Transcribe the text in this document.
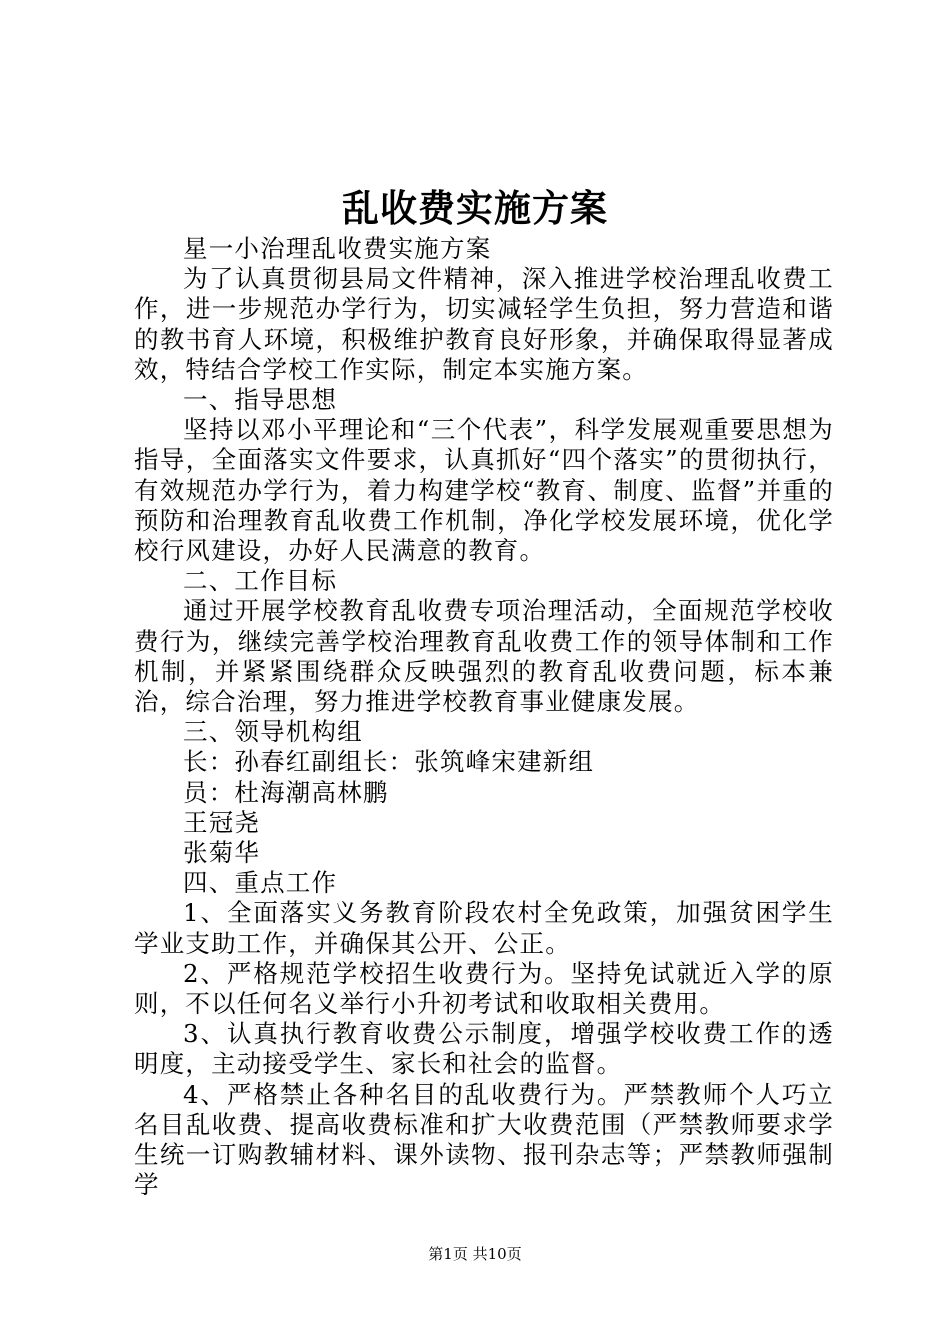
乱收费实施方案

星一小治理乱收费实施方案

为了认真贯彻县局文件精神，深入推进学校治理乱收费工作，进一步规范办学行为，切实减轻学生负担，努力营造和谐的教书育人环境，积极维护教育良好形象，并确保取得显著成效，特结合学校工作实际，制定本实施方案。

一、指导思想

坚持以邓小平理论和“三个代表”，科学发展观重要思想为指导，全面落实文件要求，认真抓好“四个落实”的贯彻执行，有效规范办学行为，着力构建学校“教育、制度、监督”并重的预防和治理教育乱收费工作机制，净化学校发展环境，优化学校行风建设，办好人民满意的教育。

二、工作目标

通过开展学校教育乱收费专项治理活动，全面规范学校收费行为，继续完善学校治理教育乱收费工作的领导体制和工作机制，并紧紧围绕群众反映强烈的教育乱收费问题，标本兼治，综合治理，努力推进学校教育事业健康发展。

三、领导机构组

长：孙春红副组长：张筑峰宋建新组

员：杜海潮高林鹏

王冠尧

张菊华

四、重点工作

1、全面落实义务教育阶段农村全免政策，加强贫困学生学业支助工作，并确保其公开、公正。

2、严格规范学校招生收费行为。坚持免试就近入学的原则，不以任何名义举行小升初考试和收取相关费用。

3、认真执行教育收费公示制度，增强学校收费工作的透明度，主动接受学生、家长和社会的监督。

4、严格禁止各种名目的乱收费行为。严禁教师个人巧立名目乱收费、提高收费标准和扩大收费范围（严禁教师要求学生统一订购教辅材料、课外读物、报刊杂志等；严禁教师强制学

第1页 共10页
